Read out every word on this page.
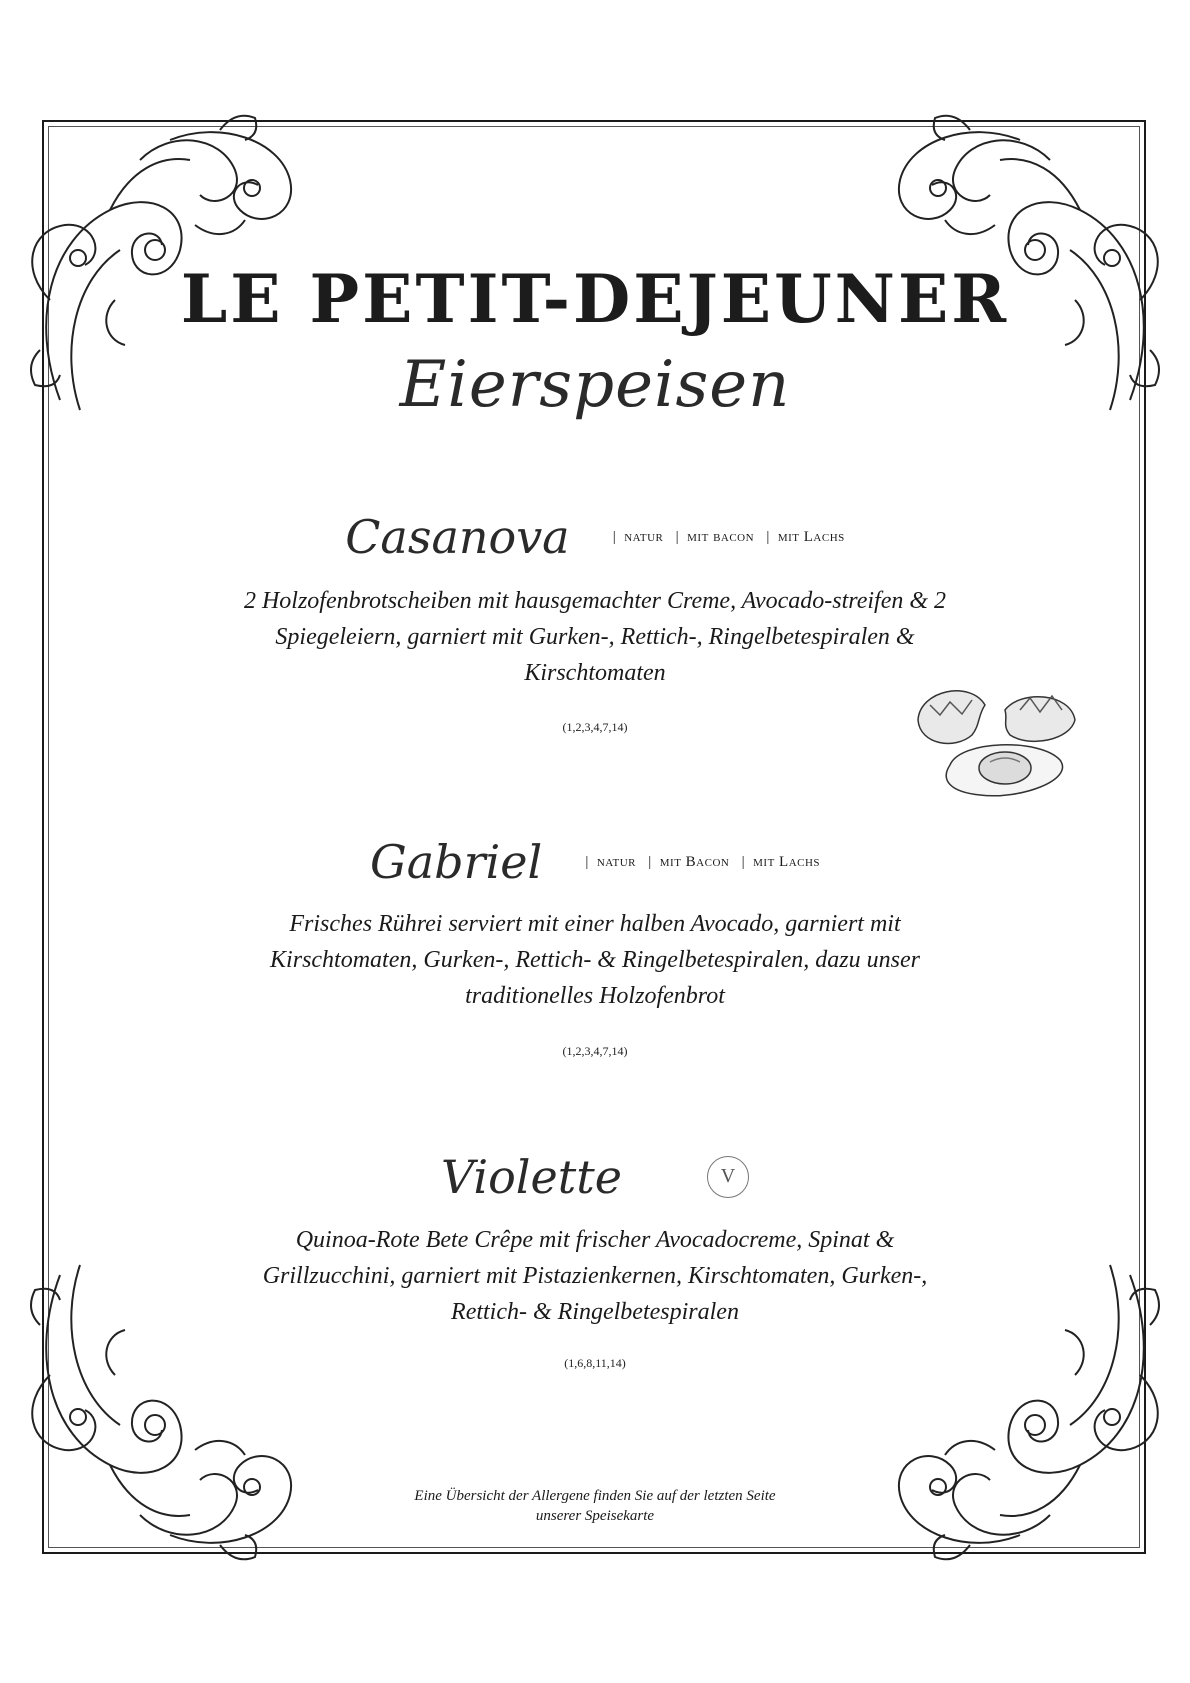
LE PETIT-DEJEUNER
Eierspeisen
Casanova	| natur | mit bacon | mit Lachs
2 Holzofenbrotscheiben mit hausgemachter Creme, Avocado-streifen & 2 Spiegeleiern, garniert mit Gurken-, Rettich-, Ringelbetespiralen & Kirschtomaten
(1,2,3,4,7,14)
Gabriel	| natur | mit Bacon | mit Lachs
Frisches Rührei serviert mit einer halben Avocado, garniert mit Kirschtomaten, Gurken-, Rettich- & Ringelbetespiralen, dazu unser traditionelles Holzofenbrot
(1,2,3,4,7,14)
Violette	V
Quinoa-Rote Bete Crêpe mit frischer Avocadocreme, Spinat & Grillzucchini, garniert mit Pistazienkernen, Kirschtomaten, Gurken-, Rettich- & Ringelbetespiralen
(1,6,8,11,14)
Eine Übersicht der Allergene finden Sie auf der letzten Seite unserer Speisekarte
